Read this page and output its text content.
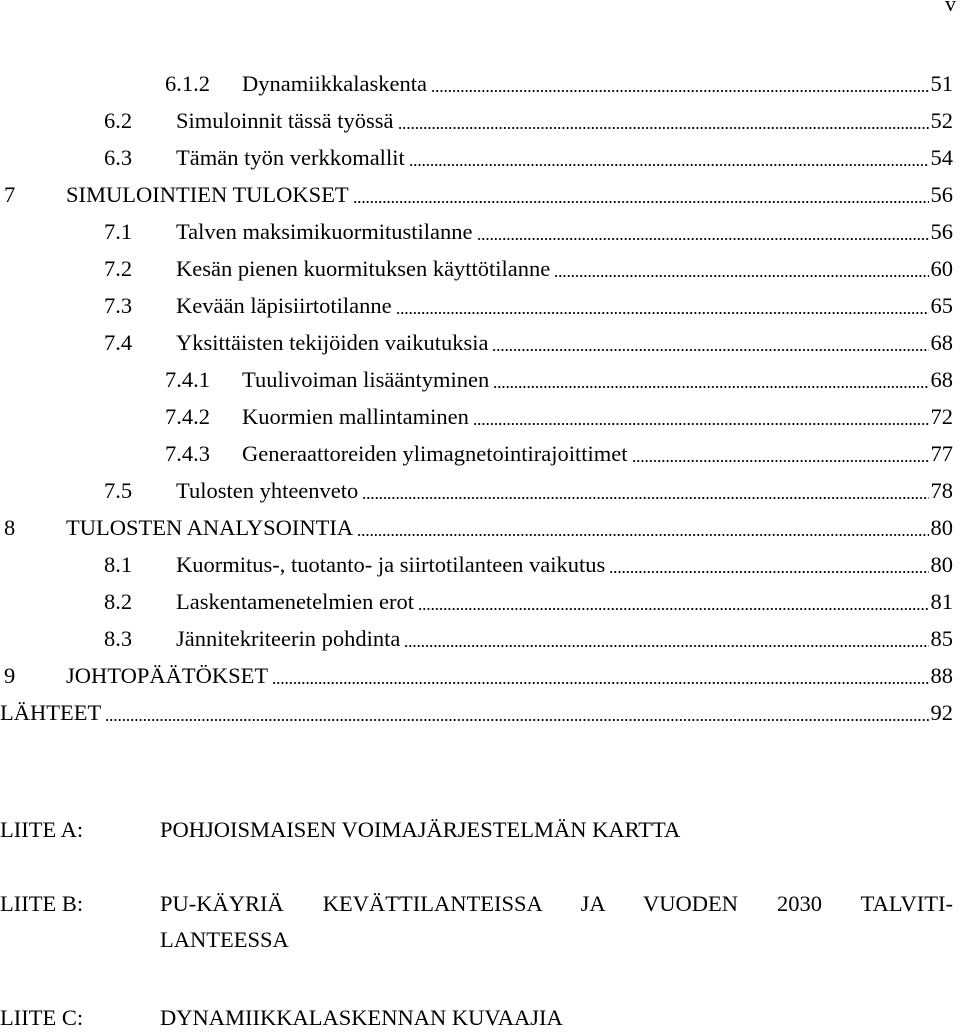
v
6.1.2 Dynamiikkalaskenta	51
6.2 Simuloinnit tässä työssä	52
6.3 Tämän työn verkkomallit	54
7 SIMULOINTIEN TULOKSET	56
7.1 Talven maksimikuormitustilanne	56
7.2 Kesän pienen kuormituksen käyttötilanne	60
7.3 Kevään läpisiirtotilanne	65
7.4 Yksittäisten tekijöiden vaikutuksia	68
7.4.1 Tuulivoiman lisääntyminen	68
7.4.2 Kuormien mallintaminen	72
7.4.3 Generaattoreiden ylimagnetointirajoittimet	77
7.5 Tulosten yhteenveto	78
8 TULOSTEN ANALYSOINTIA	80
8.1 Kuormitus-, tuotanto- ja siirtotilanteen vaikutus	80
8.2 Laskentamenetelmien erot	81
8.3 Jännitekriteerin pohdinta	85
9 JOHTOPÄÄTÖKSET	88
LÄHTEET	92
LIITE A:	POHJOISMAISEN VOIMAJÄRJESTELMÄN KARTTA
LIITE B:	PU-KÄYRIÄ KEVÄTTILANTEISSA JA VUODEN 2030 TALVITI-
LANTEESSA
LIITE C:	DYNAMIIKKALASKENNAN KUVAAJIA
